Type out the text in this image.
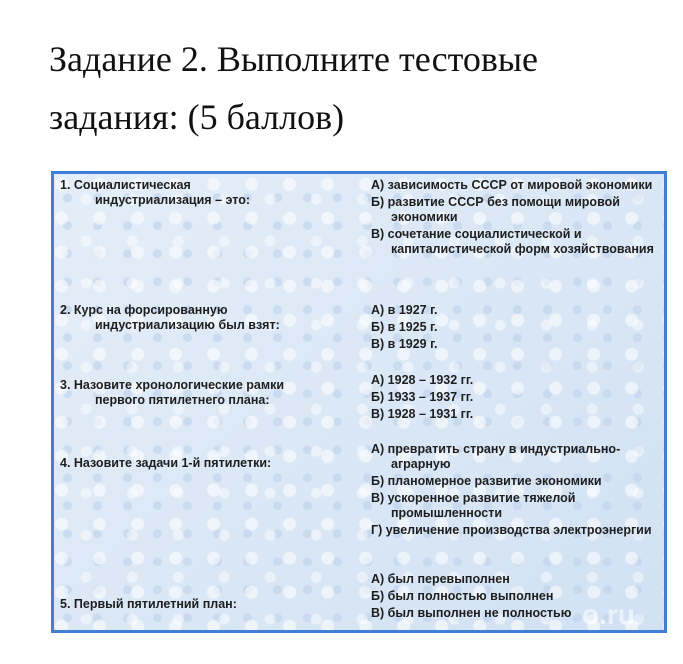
Задание 2. Выполните тестовые задания: (5 баллов)
1. Социалистическая
индустриализация – это:
А) зависимость СССР от мировой экономики
Б) развитие СССР без помощи мировой экономики
В) сочетание социалистической и капиталистической форм хозяйствования
2. Курс на форсированную
индустриализацию был взят:
А) в 1927 г.
Б) в 1925 г.
В) в 1929 г.
3. Назовите хронологические рамки
первого пятилетнего плана:
А) 1928 – 1932 гг.
Б) 1933 – 1937 гг.
В) 1928 – 1931 гг.
4. Назовите задачи 1-й пятилетки:
А) превратить страну в индустриально-аграрную
Б) планомерное развитие экономики
В) ускоренное развитие тяжелой промышленности
Г) увеличение производства электроэнергии
5. Первый пятилетний план:
А) был перевыполнен
Б) был полностью выполнен
В) был выполнен не полностью o.ru
